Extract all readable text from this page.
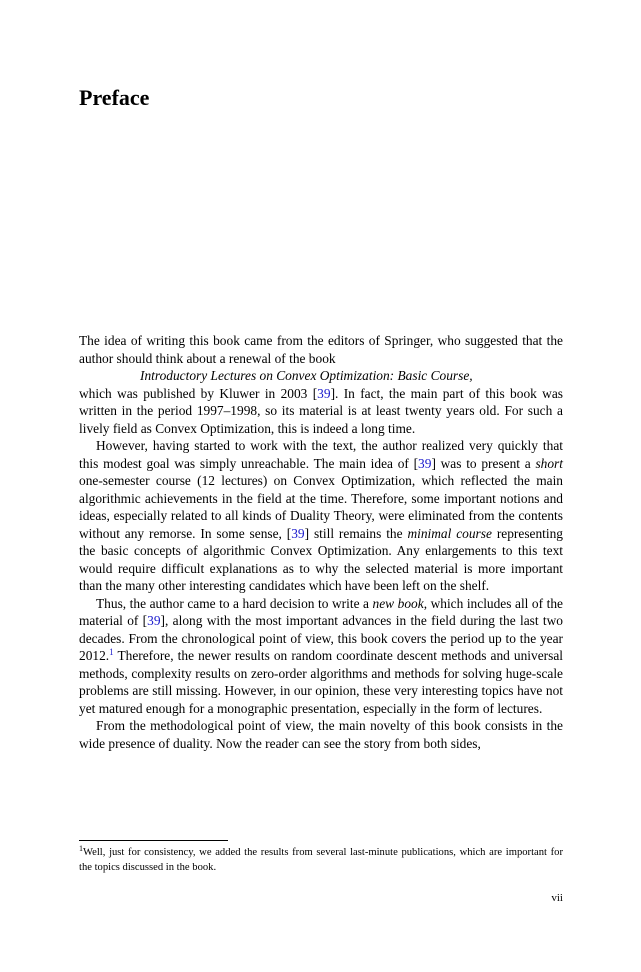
Preface

The idea of writing this book came from the editors of Springer, who suggested that the author should think about a renewal of the book

Introductory Lectures on Convex Optimization: Basic Course,

which was published by Kluwer in 2003 [39]. In fact, the main part of this book was written in the period 1997–1998, so its material is at least twenty years old. For such a lively field as Convex Optimization, this is indeed a long time.

However, having started to work with the text, the author realized very quickly that this modest goal was simply unreachable. The main idea of [39] was to present a short one-semester course (12 lectures) on Convex Optimization, which reflected the main algorithmic achievements in the field at the time. Therefore, some important notions and ideas, especially related to all kinds of Duality Theory, were eliminated from the contents without any remorse. In some sense, [39] still remains the minimal course representing the basic concepts of algorithmic Convex Optimization. Any enlargements to this text would require difficult explanations as to why the selected material is more important than the many other interesting candidates which have been left on the shelf.

Thus, the author came to a hard decision to write a new book, which includes all of the material of [39], along with the most important advances in the field during the last two decades. From the chronological point of view, this book covers the period up to the year 2012.$^1$ Therefore, the newer results on random coordinate descent methods and universal methods, complexity results on zero-order algorithms and methods for solving huge-scale problems are still missing. However, in our opinion, these very interesting topics have not yet matured enough for a monographic presentation, especially in the form of lectures.

From the methodological point of view, the main novelty of this book consists in the wide presence of duality. Now the reader can see the story from both sides,

$^1$Well, just for consistency, we added the results from several last-minute publications, which are important for the topics discussed in the book.

vii
